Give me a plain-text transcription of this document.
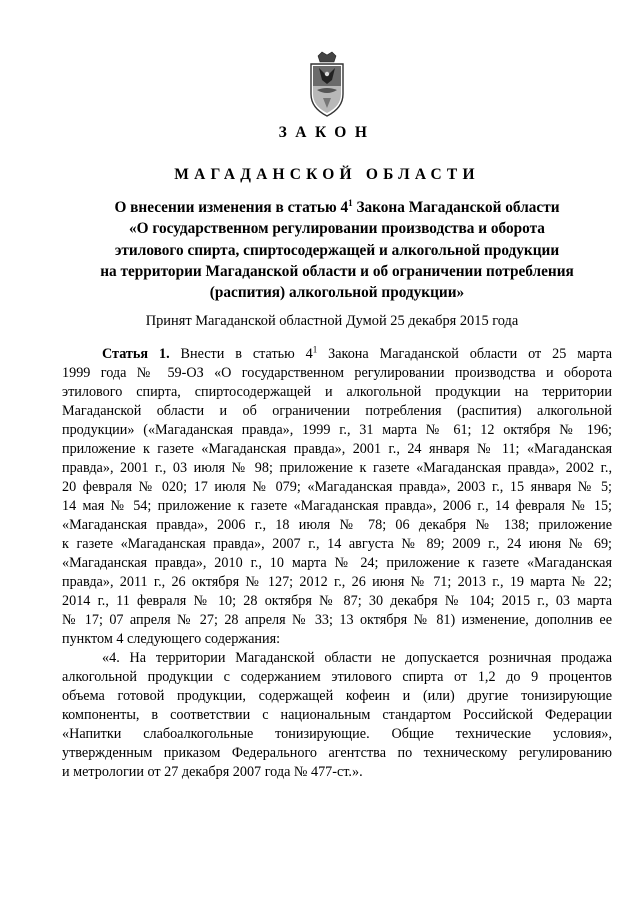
ЗАКОН
МАГАДАНСКОЙ ОБЛАСТИ
О внесении изменения в статью $4^1$ Закона Магаданской области
«О государственном регулировании производства и оборота
этилового спирта, спиртосодержащей и алкогольной продукции
на территории Магаданской области и об ограничении потребления
(распития) алкогольной продукции»
Принят Магаданской областной Думой 25 декабря 2015 года
Статья 1. Внести в статью $4^1$ Закона Магаданской области от 25 марта
1999 года № 59-ОЗ «О государственном регулировании производства и оборота
этилового спирта, спиртосодержащей и алкогольной продукции на территории
Магаданской области и об ограничении потребления (распития) алкогольной
продукции» («Магаданская правда», 1999 г., 31 марта № 61; 12 октября № 196;
приложение к газете «Магаданская правда», 2001 г., 24 января № 11; «Магаданская
правда», 2001 г., 03 июля № 98; приложение к газете «Магаданская правда», 2002 г.,
20 февраля № 020; 17 июля № 079; «Магаданская правда», 2003 г., 15 января № 5;
14 мая № 54; приложение к газете «Магаданская правда», 2006 г., 14 февраля № 15;
«Магаданская правда», 2006 г., 18 июля № 78; 06 декабря № 138; приложение
к газете «Магаданская правда», 2007 г., 14 августа № 89; 2009 г., 24 июня № 69;
«Магаданская правда», 2010 г., 10 марта № 24; приложение к газете «Магаданская
правда», 2011 г., 26 октября № 127; 2012 г., 26 июня № 71; 2013 г., 19 марта № 22;
2014 г., 11 февраля № 10; 28 октября № 87; 30 декабря № 104; 2015 г., 03 марта
№ 17; 07 апреля № 27; 28 апреля № 33; 13 октября № 81) изменение, дополнив ее
пунктом 4 следующего содержания:
«4. На территории Магаданской области не допускается розничная продажа
алкогольной продукции с содержанием этилового спирта от 1,2 до 9 процентов
объема готовой продукции, содержащей кофеин и (или) другие тонизирующие
компоненты, в соответствии с национальным стандартом Российской Федерации
«Напитки слабоалкогольные тонизирующие. Общие технические условия»,
утвержденным приказом Федерального агентства по техническому регулированию
и метрологии от 27 декабря 2007 года № 477-ст.».
